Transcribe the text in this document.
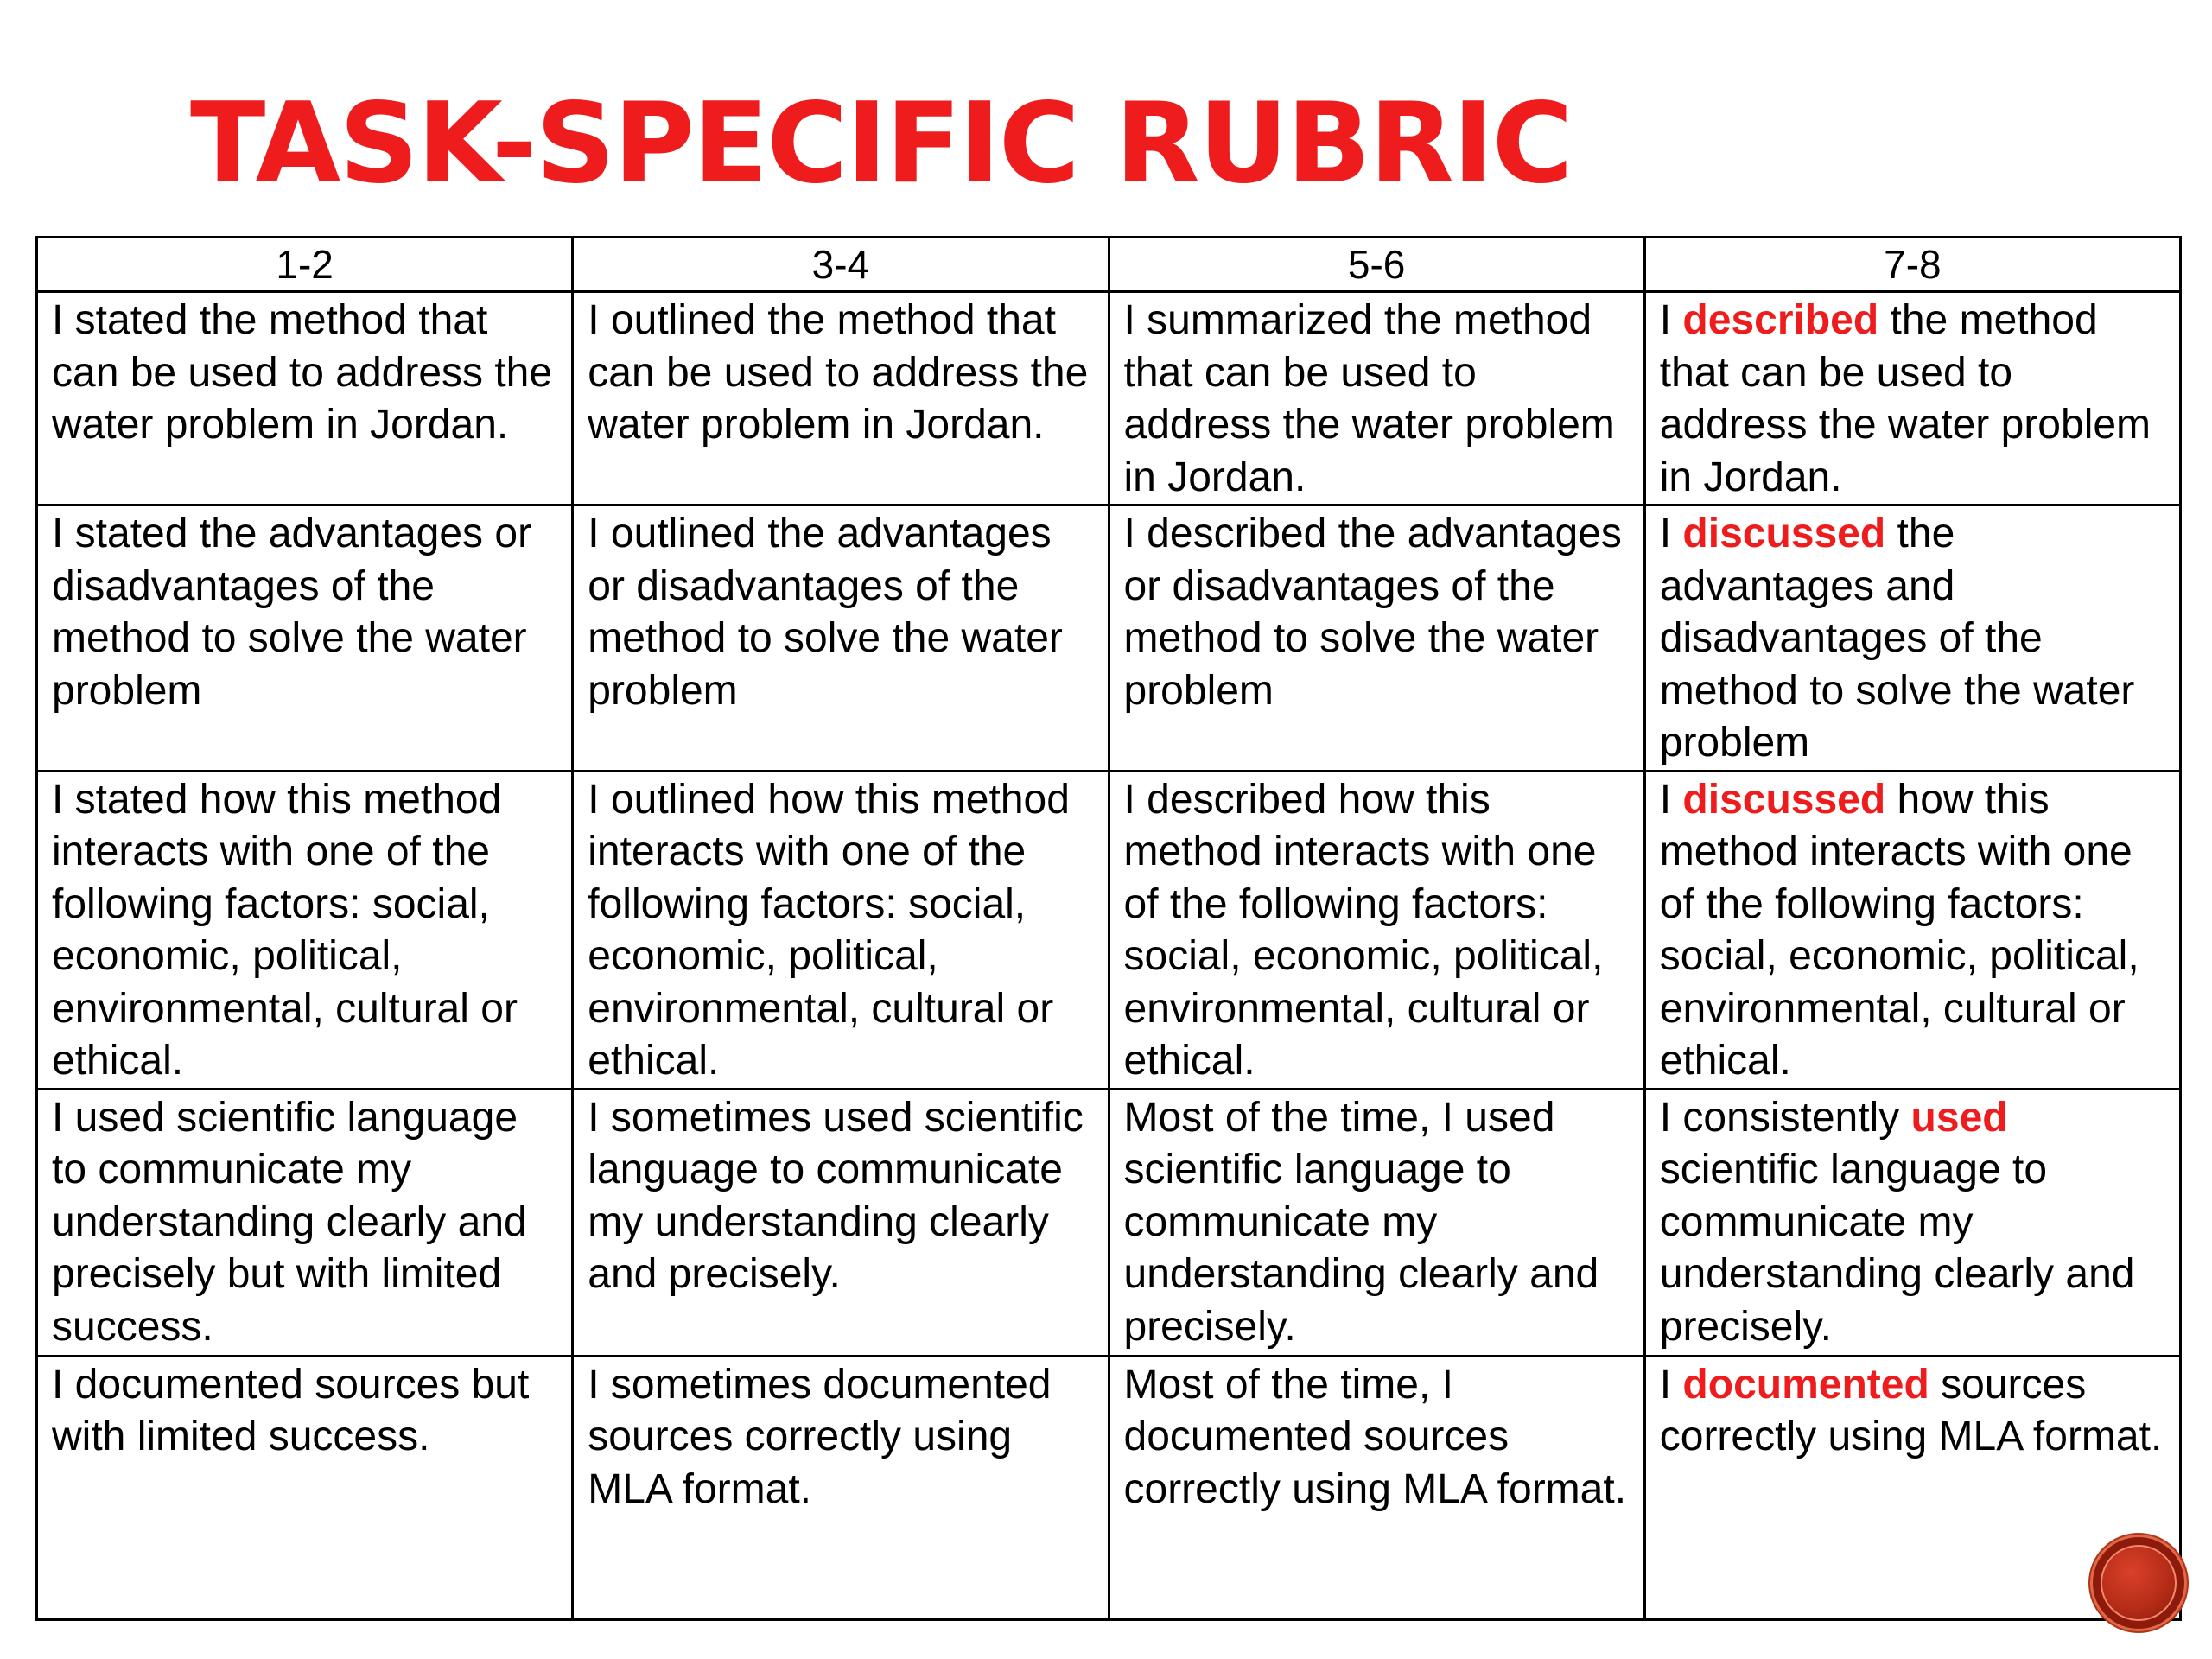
TASK-SPECIFIC RUBRIC
1-2	3-4	5-6	7-8
I stated the method that can be used to address the water problem in Jordan.	I outlined the method that can be used to address the water problem in Jordan.	I summarized the method that can be used to address the water problem in Jordan.	I described the method that can be used to address the water problem in Jordan.
I stated the advantages or disadvantages of the method to solve the water problem	I outlined the advantages or disadvantages of the method to solve the water problem	I described the advantages or disadvantages of the method to solve the water problem	I discussed the advantages and disadvantages of the method to solve the water problem
I stated how this method interacts with one of the following factors: social, economic, political, environmental, cultural or ethical.	I outlined how this method interacts with one of the following factors: social, economic, political, environmental, cultural or ethical.	I described how this method interacts with one of the following factors: social, economic, political, environmental, cultural or ethical.	I discussed how this method interacts with one of the following factors: social, economic, political, environmental, cultural or ethical.
I used scientific language to communicate my understanding clearly and precisely but with limited success.	I sometimes used scientific language to communicate my understanding clearly and precisely.	Most of the time, I used scientific language to communicate my understanding clearly and precisely.	I consistently used scientific language to communicate my understanding clearly and precisely.
I documented sources but with limited success.	I sometimes documented sources correctly using MLA format.	Most of the time, I documented sources correctly using MLA format.	I documented sources correctly using MLA format.
